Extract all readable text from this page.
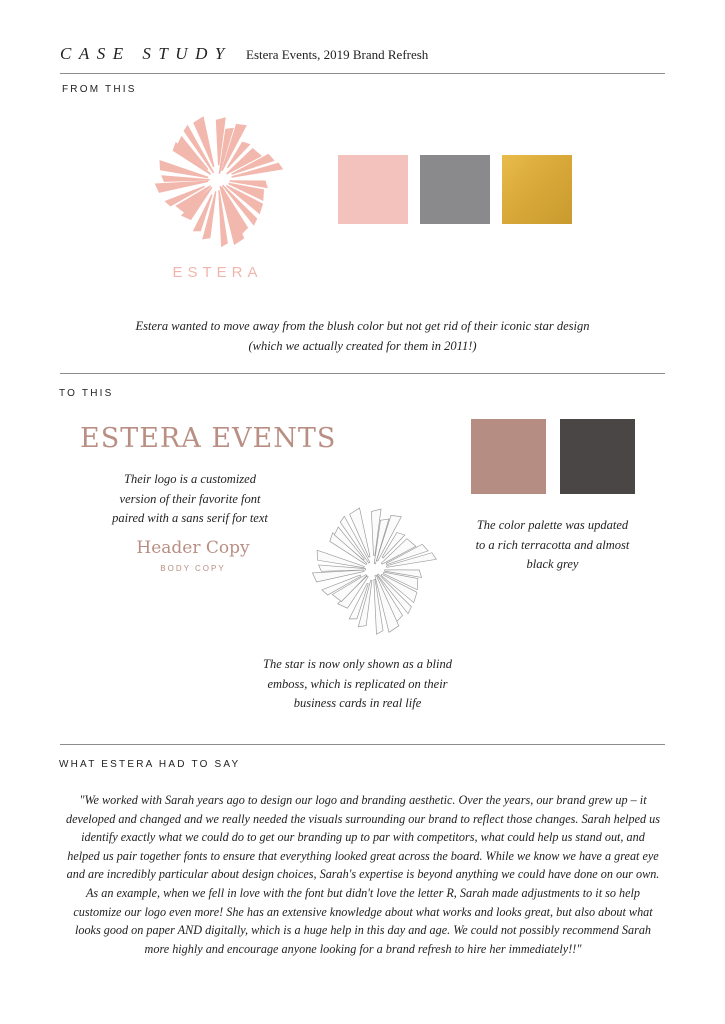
CASE STUDY Estera Events, 2019 Brand Refresh
FROM THIS
ESTERA
Estera wanted to move away from the blush color but not get rid of their iconic star design
(which we actually created for them in 2011!)
TO THIS
ESTERA EVENTS
Their logo is a customized
version of their favorite font
paired with a sans serif for text
Header Copy
BODY COPY
The color palette was updated
to a rich terracotta and almost
black grey
The star is now only shown as a blind
emboss, which is replicated on their
business cards in real life
WHAT ESTERA HAD TO SAY
"We worked with Sarah years ago to design our logo and branding aesthetic. Over the years, our brand grew up – it developed and changed and we really needed the visuals surrounding our brand to reflect those changes. Sarah helped us identify exactly what we could do to get our branding up to par with competitors, what could help us stand out, and helped us pair together fonts to ensure that everything looked great across the board. While we know we have a great eye and are incredibly particular about design choices, Sarah's expertise is beyond anything we could have done on our own. As an example, when we fell in love with the font but didn't love the letter R, Sarah made adjustments to it so help customize our logo even more! She has an extensive knowledge about what works and looks great, but also about what looks good on paper AND digitally, which is a huge help in this day and age. We could not possibly recommend Sarah more highly and encourage anyone looking for a brand refresh to hire her immediately!!"
